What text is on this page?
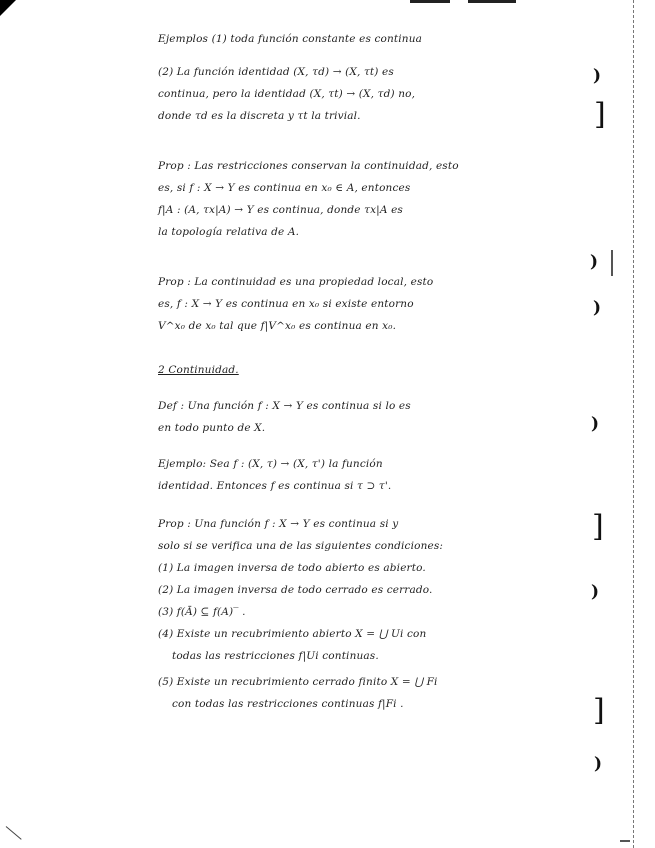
Ejemplos (1) toda función constante es continua
(2) La función identidad (X, τd) → (X, τt) es
continua, pero la identidad (X, τt) → (X, τd) no,
donde τd es la discreta y τt la trivial.
Prop : Las restricciones conservan la continuidad, esto
es, si f : X → Y es continua en x₀ ∈ A, entonces
f|A : (A, τx|A) → Y es continua, donde τx|A es
la topología relativa de A.
Prop : La continuidad es una propiedad local, esto
es, f : X → Y es continua en x₀ si existe entorno
V^x₀ de x₀ tal que f|V^x₀ es continua en x₀.
2 Continuidad.
Def : Una función f : X → Y es continua si lo es
en todo punto de X.
Ejemplo: Sea f : (X, τ) → (X, τ') la función
identidad. Entonces f es continua si τ ⊃ τ'.
Prop : Una función f : X → Y es continua si y
solo si se verifica una de las siguientes condiciones:
(1) La imagen inversa de todo abierto es abierto.
(2) La imagen inversa de todo cerrado es cerrado.
(3) f(Ā) ⊆ f(A)‾ .
(4) Existe un recubrimiento abierto X = ⋃ Ui con
todas las restricciones f|Ui continuas.
(5) Existe un recubrimiento cerrado finito X = ⋃ Fi
con todas las restricciones continuas f|Fi .
)
]
)
)
)
]
)
]
)
